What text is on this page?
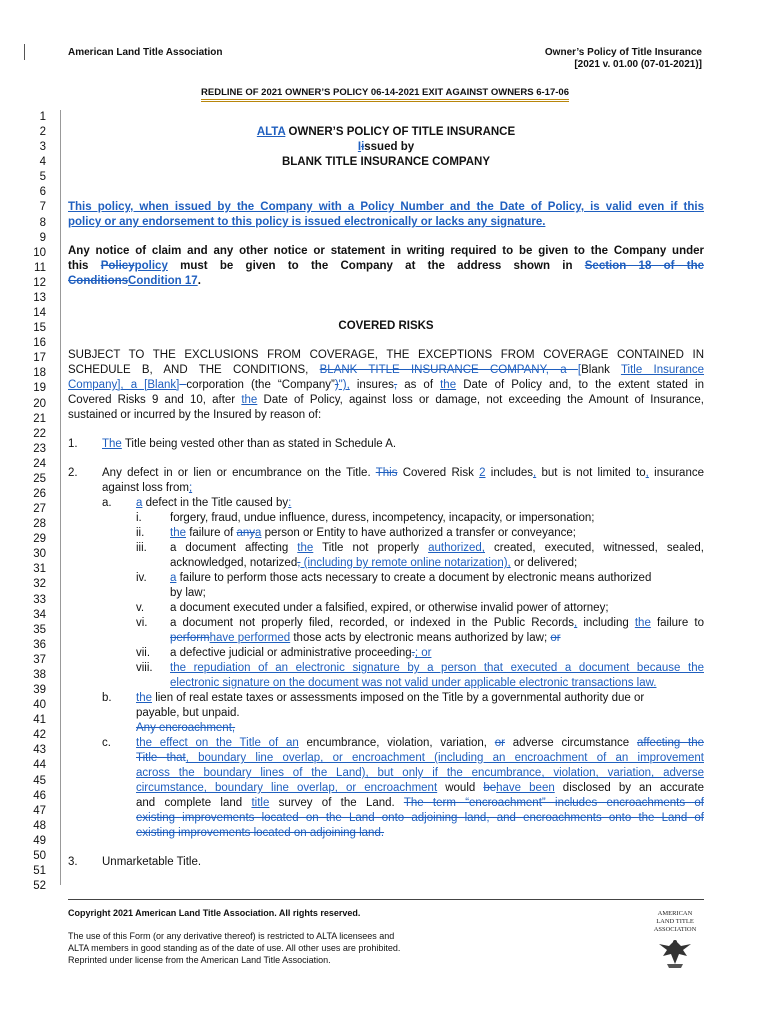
American Land Title Association	Owner’s Policy of Title Insurance
[2021 v. 01.00 (07-01-2021)]
REDLINE OF 2021 OWNER’S POLICY 06-14-2021 EXIT AGAINST OWNERS 6-17-06
1
2
3
4
5
6
7
8
9
10
11
12
13
14
15
16
17
18
19
20
21
22
23
24
25
26
27
28
29
30
31
32
33
34
35
36
37
38
39
40
41
42
43
44
45
46
47
48
49
50
51
52
ALTA OWNER’S POLICY OF TITLE INSURANCE
Iissued by
BLANK TITLE INSURANCE COMPANY
This policy, when issued by the Company with a Policy Number and the Date of Policy, is valid even if this
policy or any endorsement to this policy is issued electronically or lacks any signature.
Any notice of claim and any other notice or statement in writing required to be given to the Company under
this Policypolicy must be given to the Company at the address shown in Section 18 of the
ConditionsCondition 17.
COVERED RISKS
SUBJECT TO THE EXCLUSIONS FROM COVERAGE, THE EXCEPTIONS FROM COVERAGE CONTAINED IN
SCHEDULE B, AND THE CONDITIONS, BLANK TITLE INSURANCE COMPANY, a [Blank Title Insurance
Company], a [Blank] corporation (the “Company”)"), insures, as of the Date of Policy and, to the extent stated in
Covered Risks 9 and 10, after the Date of Policy, against loss or damage, not exceeding the Amount of Insurance,
sustained or incurred by the Insured by reason of:
1. The Title being vested other than as stated in Schedule A.
2. Any defect in or lien or encumbrance on the Title. This Covered Risk 2 includes, but is not limited to, insurance
against loss from;
a. a defect in the Title caused by:
i. forgery, fraud, undue influence, duress, incompetency, incapacity, or impersonation;
ii. the failure of anya person or Entity to have authorized a transfer or conveyance;
iii. a document affecting the Title not properly authorized, created, executed, witnessed, sealed,
acknowledged, notarized, (including by remote online notarization), or delivered;
iv. a failure to perform those acts necessary to create a document by electronic means authorized
by law;
v. a document executed under a falsified, expired, or otherwise invalid power of attorney;
vi. a document not properly filed, recorded, or indexed in the Public Records, including the failure to
performhave performed those acts by electronic means authorized by law; or
vii. a defective judicial or administrative proceeding.; or
viii. the repudiation of an electronic signature by a person that executed a document because the
electronic signature on the document was not valid under applicable electronic transactions law.
b. the lien of real estate taxes or assessments imposed on the Title by a governmental authority due or
payable, but unpaid.
Any encroachment,
c. the effect on the Title of an encumbrance, violation, variation, or adverse circumstance affecting the
Title that, boundary line overlap, or encroachment (including an encroachment of an improvement
across the boundary lines of the Land), but only if the encumbrance, violation, variation, adverse
circumstance, boundary line overlap, or encroachment would behave been disclosed by an accurate
and complete land title survey of the Land. The term “encroachment” includes encroachments of
existing improvements located on the Land onto adjoining land, and encroachments onto the Land of
existing improvements located on adjoining land.
3. Unmarketable Title.
Copyright 2021 American Land Title Association. All rights reserved.
The use of this Form (or any derivative thereof) is restricted to ALTA licensees and
ALTA members in good standing as of the date of use. All other uses are prohibited.
Reprinted under license from the American Land Title Association.
AMERICAN
LAND TITLE
ASSOCIATION
